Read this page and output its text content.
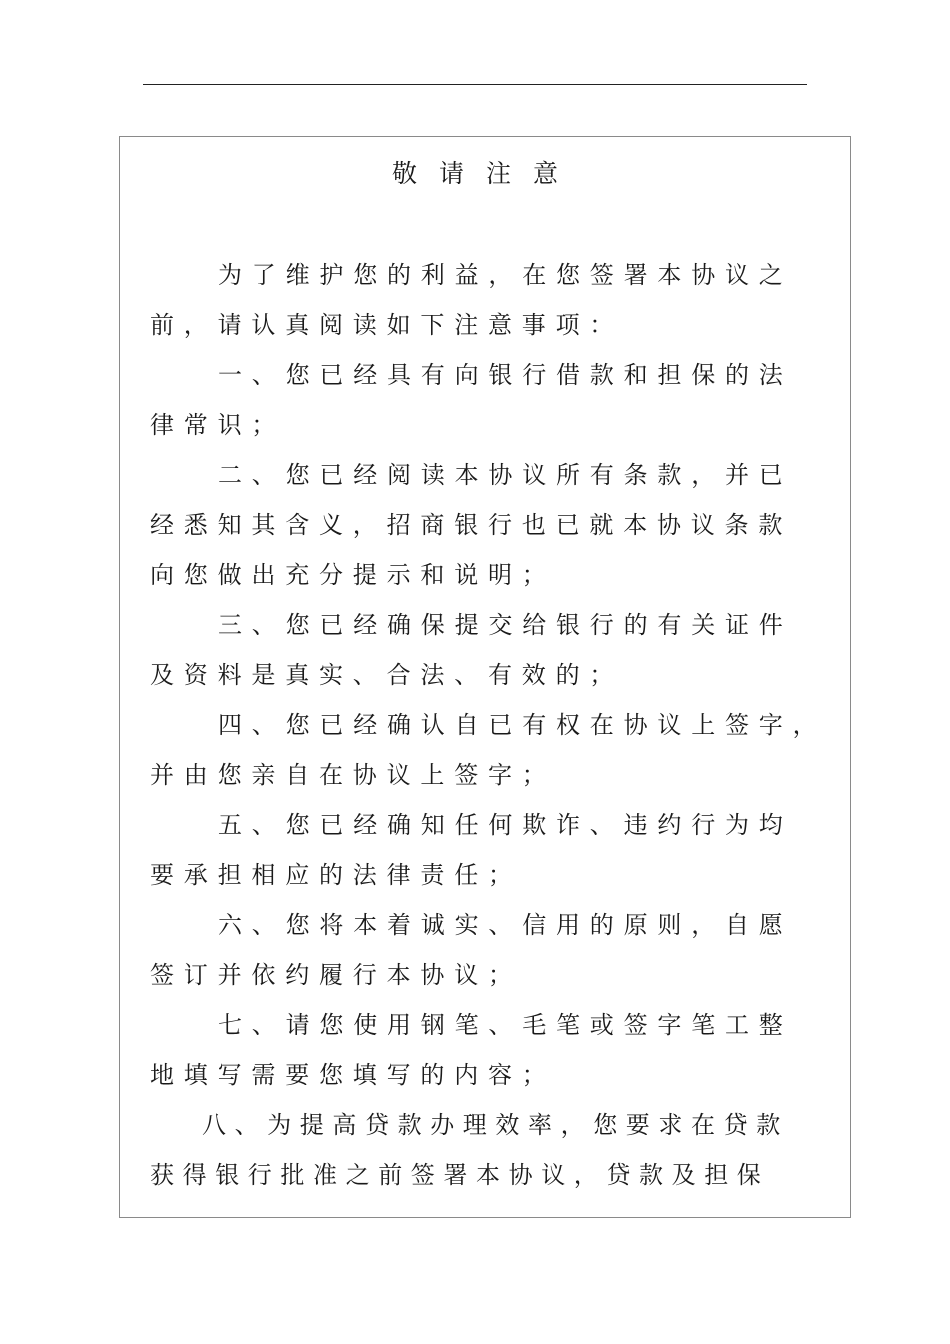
敬请注意
为了维护您的利益，在您签署本协议之
前，请认真阅读如下注意事项：
一、您已经具有向银行借款和担保的法
律常识；
二、您已经阅读本协议所有条款，并已
经悉知其含义，招商银行也已就本协议条款
向您做出充分提示和说明；
三、您已经确保提交给银行的有关证件
及资料是真实、合法、有效的；
四、您已经确认自已有权在协议上签字，
并由您亲自在协议上签字；
五、您已经确知任何欺诈、违约行为均
要承担相应的法律责任；
六、您将本着诚实、信用的原则，自愿
签订并依约履行本协议；
七、请您使用钢笔、毛笔或签字笔工整
地填写需要您填写的内容；
八、为提高贷款办理效率，您要求在贷款
获得银行批准之前签署本协议，贷款及担保
